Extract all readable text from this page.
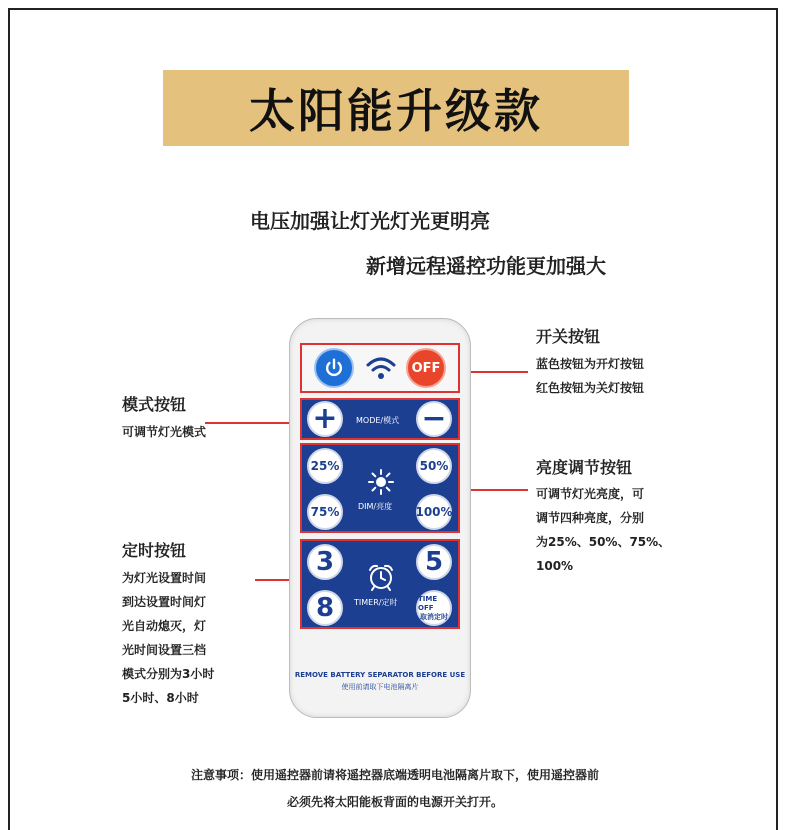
太阳能升级款
电压加强让灯光灯光更明亮
新增远程遥控功能更加强大
模式按钮
可调节灯光模式
定时按钮
为灯光设置时间
到达设置时间灯
光自动熄灭，灯
光时间设置三档
模式分别为3小时
5小时、8小时
开关按钮
蓝色按钮为开灯按钮
红色按钮为关灯按钮
亮度调节按钮
可调节灯光亮度，可
调节四种亮度，分别
为25%、50%、75%、
100%
OFF
+	MODE/模式 −
25%	50%
DIM/亮度
75%	100%
3	5
TIMER/定时
8	TIME OFF
取消定时
REMOVE BATTERY SEPARATOR BEFORE USE
使用前请取下电池隔离片
注意事项：使用遥控器前请将遥控器底端透明电池隔离片取下，使用遥控器前
必须先将太阳能板背面的电源开关打开。
